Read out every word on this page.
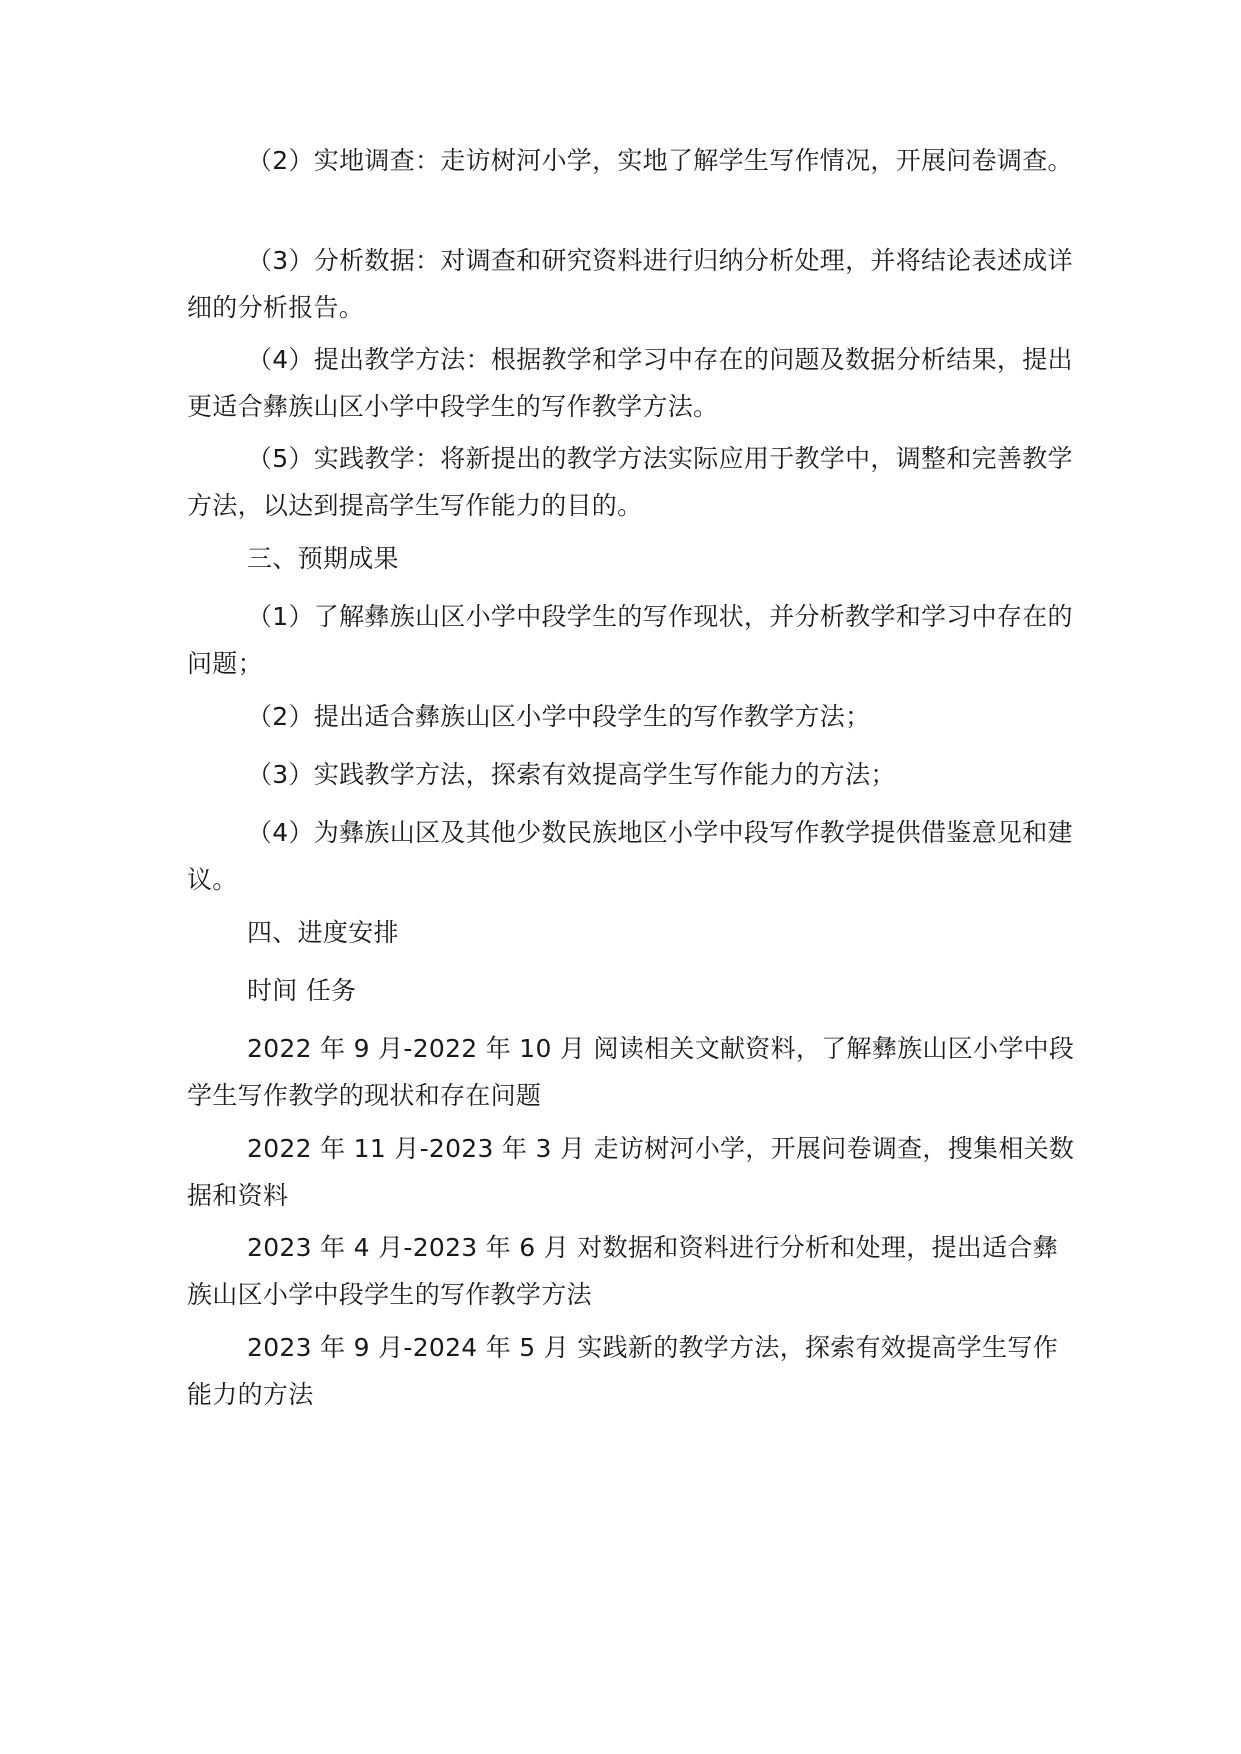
（2）实地调查：走访树河小学，实地了解学生写作情况，开展问卷调查。

（3）分析数据：对调查和研究资料进行归纳分析处理，并将结论表述成详细的分析报告。

（4）提出教学方法：根据教学和学习中存在的问题及数据分析结果，提出更适合彝族山区小学中段学生的写作教学方法。

（5）实践教学：将新提出的教学方法实际应用于教学中，调整和完善教学方法，以达到提高学生写作能力的目的。

三、预期成果

（1）了解彝族山区小学中段学生的写作现状，并分析教学和学习中存在的问题；

（2）提出适合彝族山区小学中段学生的写作教学方法；

（3）实践教学方法，探索有效提高学生写作能力的方法；

（4）为彝族山区及其他少数民族地区小学中段写作教学提供借鉴意见和建议。

四、进度安排

时间 任务

2022 年 9 月-2022 年 10 月 阅读相关文献资料，了解彝族山区小学中段学生写作教学的现状和存在问题

2022 年 11 月-2023 年 3 月 走访树河小学，开展问卷调查，搜集相关数据和资料

2023 年 4 月-2023 年 6 月 对数据和资料进行分析和处理，提出适合彝族山区小学中段学生的写作教学方法

2023 年 9 月-2024 年 5 月 实践新的教学方法，探索有效提高学生写作能力的方法
